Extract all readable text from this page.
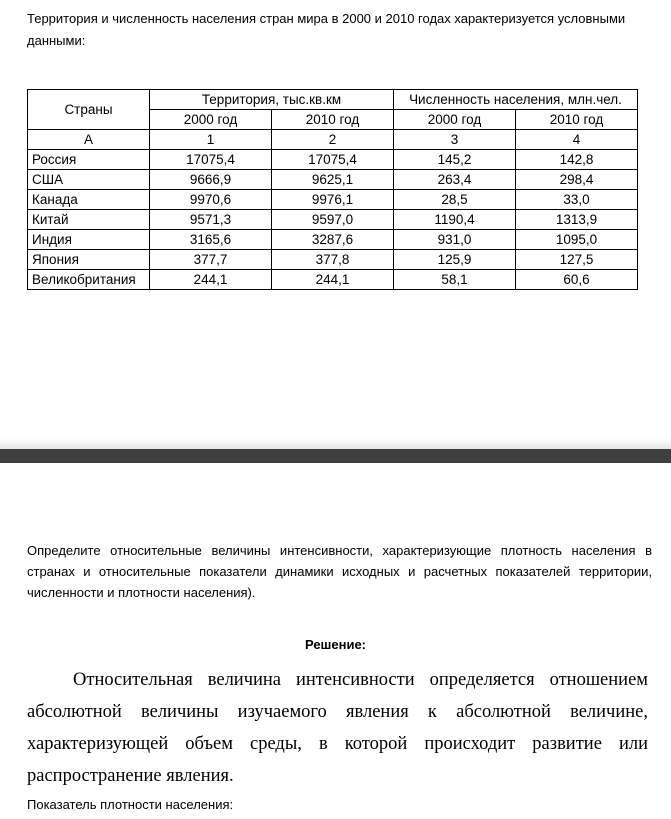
Территория и численность населения стран мира в 2000 и 2010 годах характеризуется условными данными:
Страны	Территория, тыс.кв.км		Численность населения, млн.чел.	
	2000 год	2010 год	2000 год	2010 год
А	1	2	3	4
Россия	17075,4	17075,4	145,2	142,8
США	9666,9	9625,1	263,4	298,4
Канада	9970,6	9976,1	28,5	33,0
Китай	9571,3	9597,0	1190,4	1313,9
Индия	3165,6	3287,6	931,0	1095,0
Япония	377,7	377,8	125,9	127,5
Великобритания	244,1	244,1	58,1	60,6
Определите относительные величины интенсивности, характеризующие плотность населения в странах и относительные показатели динамики исходных и расчетных показателей территории, численности и плотности населения).
Решение:
Относительная величина интенсивности определяется отношением абсолютной величины изучаемого явления к абсолютной величине, характеризующей объем среды, в которой происходит развитие или распространение явления.
Показатель плотности населения:
